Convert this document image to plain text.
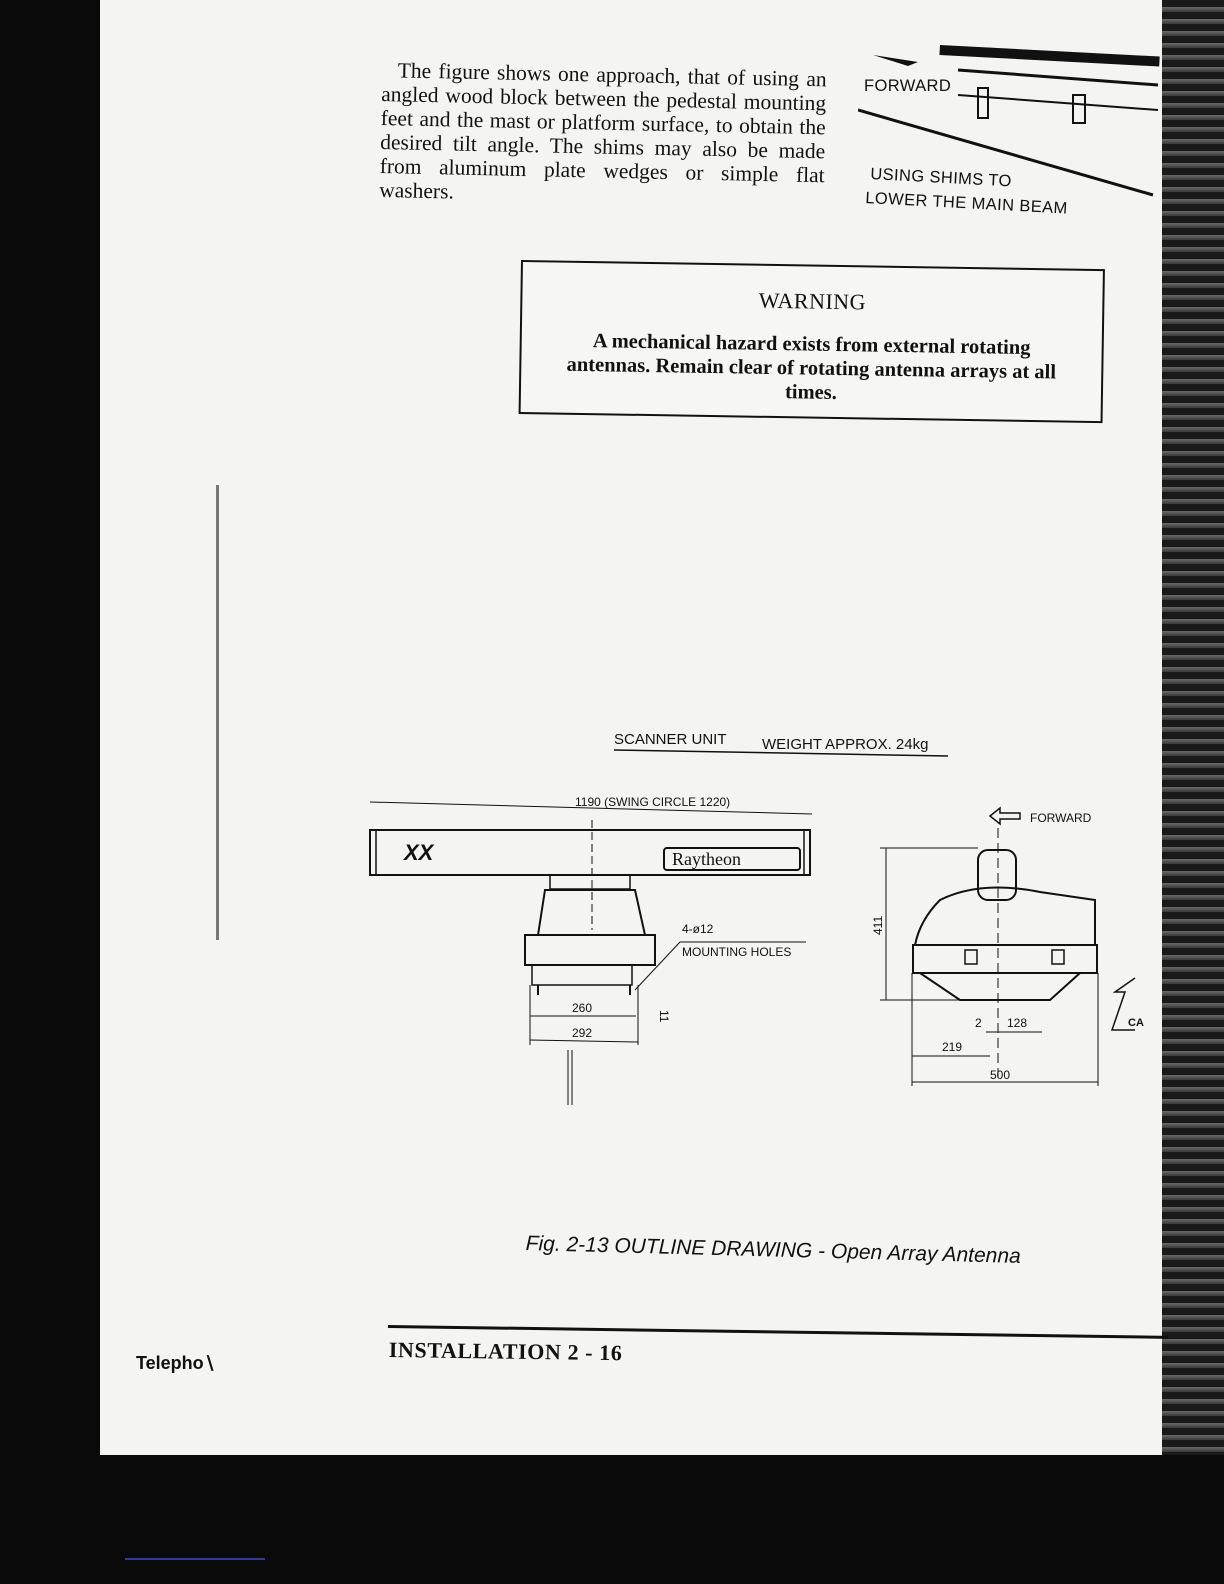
The figure shows one approach, that of using an angled wood block between the pedestal mounting feet and the mast or platform surface, to obtain the desired tilt angle. The shims may also be made from aluminum plate wedges or simple flat washers.

FORWARD
USING SHIMS TO
LOWER THE MAIN BEAM
WARNING
A mechanical hazard exists from external rotating antennas. Remain clear of rotating antenna arrays at all times.
SCANNER UNIT WEIGHT APPROX. 24kg
1190 (SWING CIRCLE 1220)
XX	Raytheon
4-ø12
MOUNTING HOLES
260
292
11
FORWARD
411
2 128
219
500
CA
Fig. 2-13 OUTLINE DRAWING - Open Array Antenna
INSTALLATION 2 - 16
Telepho∖
